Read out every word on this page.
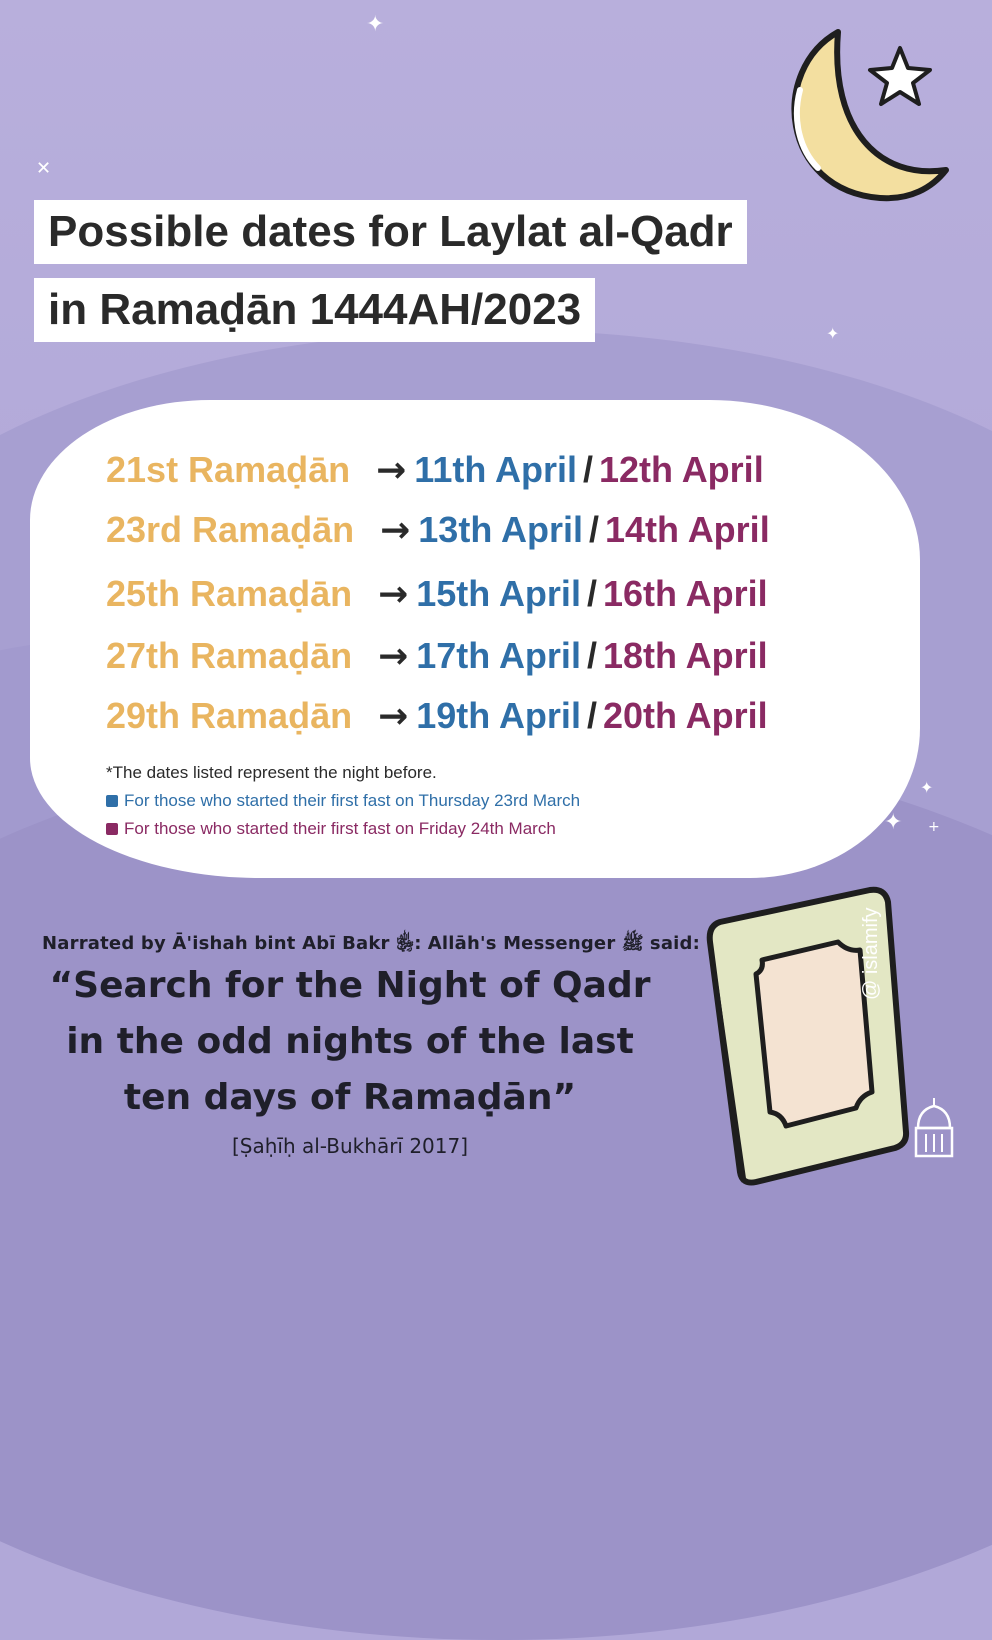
✦
✕
✦
✦
✦ +
Possible dates for Laylat al-Qadr
in Ramaḍān 1444AH/2023
21st Ramaḍān → 11th April / 12th April
23rd Ramaḍān → 13th April / 14th April
25th Ramaḍān → 15th April / 16th April
27th Ramaḍān → 17th April / 18th April
29th Ramaḍān → 19th April / 20th April
*The dates listed represent the night before.
For those who started their first fast on Thursday 23rd March
For those who started their first fast on Friday 24th March
Narrated by Ā'ishah bint Abī Bakr ﵂: Allāh's Messenger ﷺ said:
“Search for the Night of Qadr
in the odd nights of the last
ten days of Ramaḍān”
[Ṣaḥīḥ al-Bukhārī 2017]
@ islamify
